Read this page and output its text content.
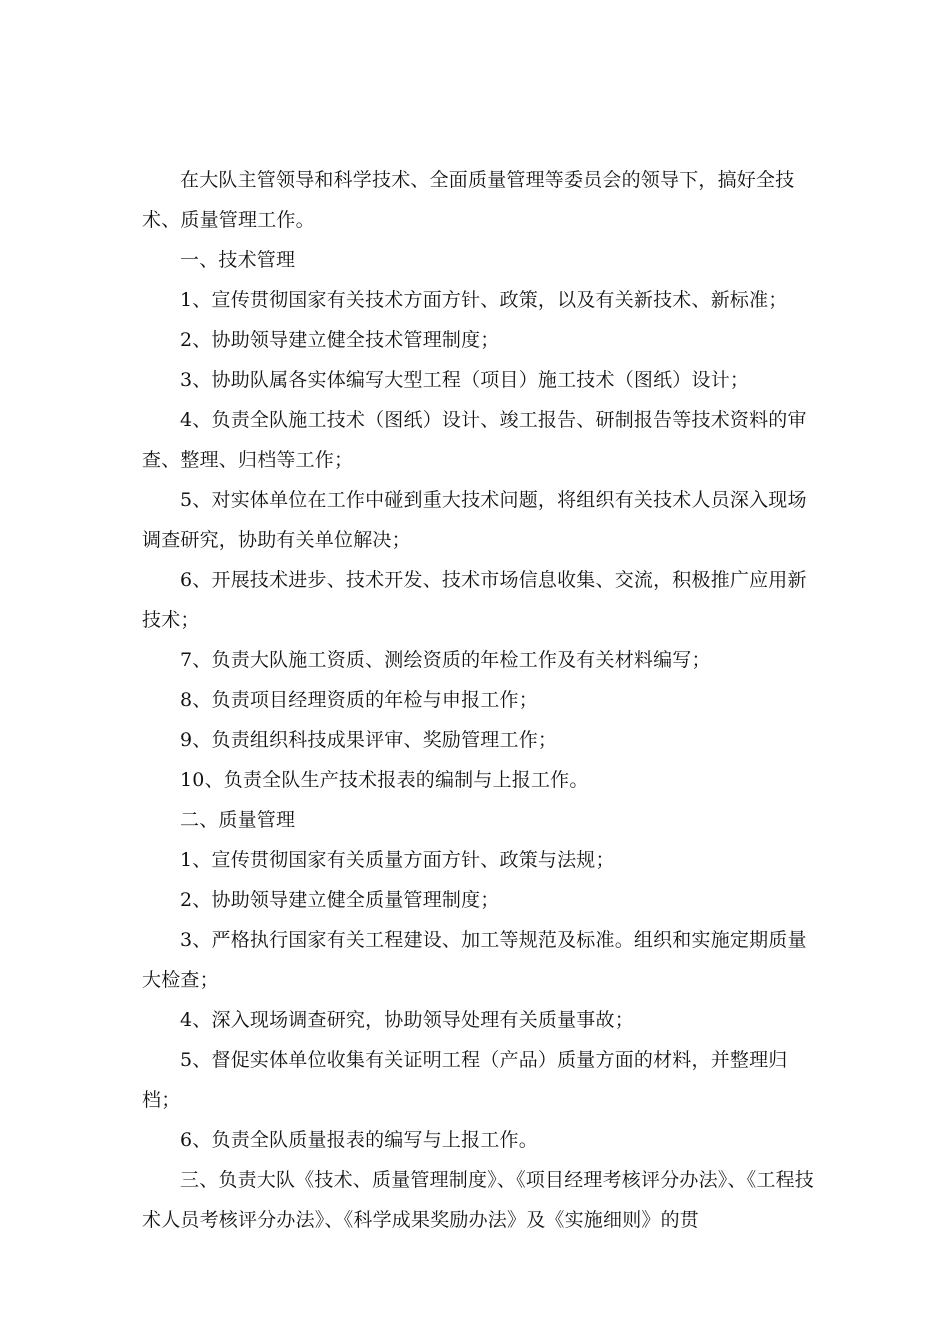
在大队主管领导和科学技术、全面质量管理等委员会的领导下，搞好全技术、质量管理工作。

一、技术管理

1、宣传贯彻国家有关技术方面方针、政策，以及有关新技术、新标准；

2、协助领导建立健全技术管理制度；

3、协助队属各实体编写大型工程（项目）施工技术（图纸）设计；

4、负责全队施工技术（图纸）设计、竣工报告、研制报告等技术资料的审查、整理、归档等工作；

5、对实体单位在工作中碰到重大技术问题，将组织有关技术人员深入现场调查研究，协助有关单位解决；

6、开展技术进步、技术开发、技术市场信息收集、交流，积极推广应用新技术；

7、负责大队施工资质、测绘资质的年检工作及有关材料编写；

8、负责项目经理资质的年检与申报工作；

9、负责组织科技成果评审、奖励管理工作；

10、负责全队生产技术报表的编制与上报工作。

二、质量管理

1、宣传贯彻国家有关质量方面方针、政策与法规；

2、协助领导建立健全质量管理制度；

3、严格执行国家有关工程建设、加工等规范及标准。组织和实施定期质量大检查；

4、深入现场调查研究，协助领导处理有关质量事故；

5、督促实体单位收集有关证明工程（产品）质量方面的材料，并整理归档；

6、负责全队质量报表的编写与上报工作。

三、负责大队《技术、质量管理制度》、《项目经理考核评分办法》、《工程技术人员考核评分办法》、《科学成果奖励办法》及《实施细则》的贯
